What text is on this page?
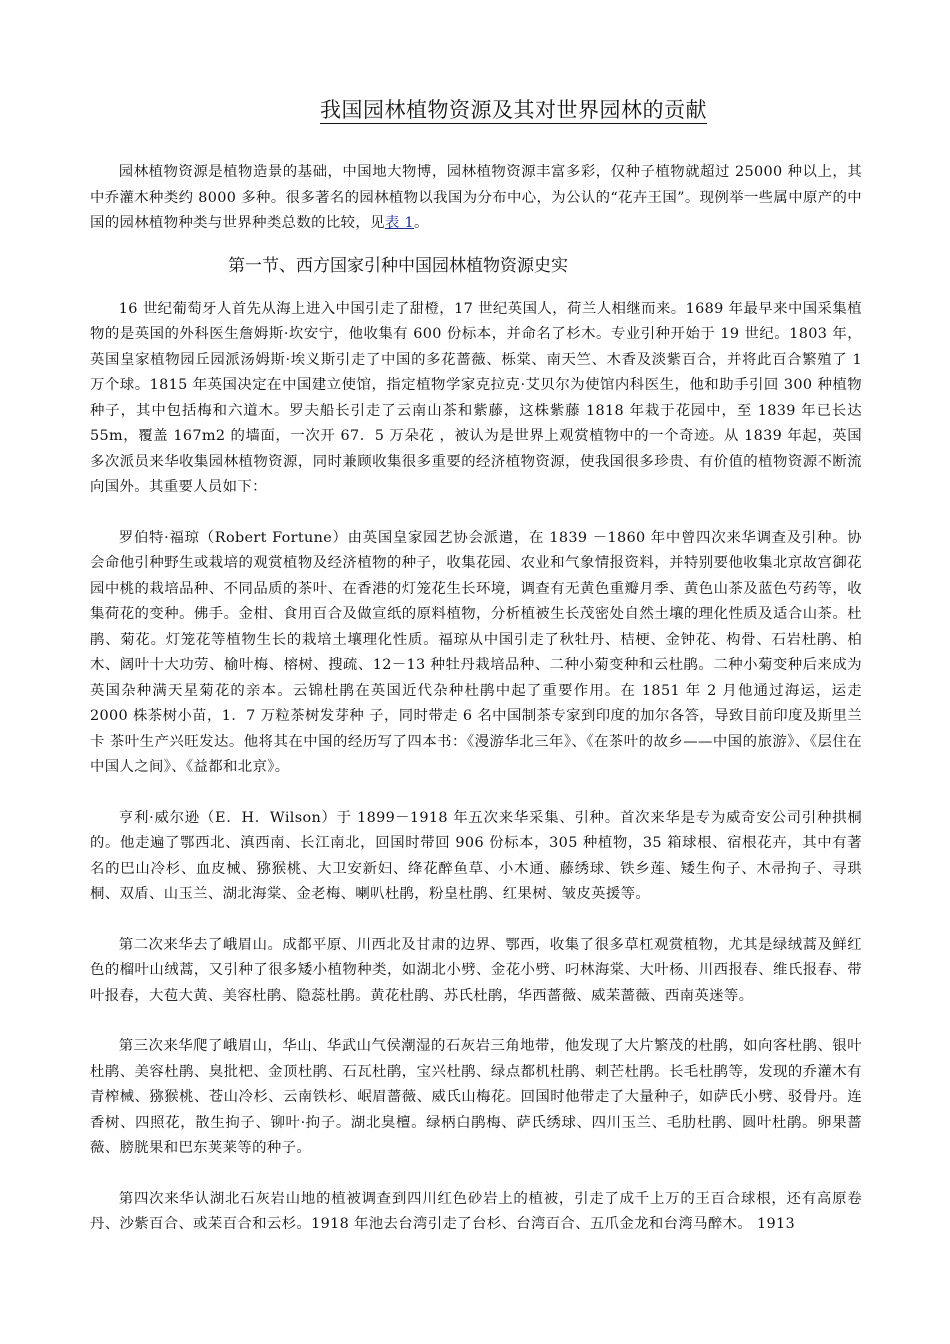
我国园林植物资源及其对世界园林的贡献

园林植物资源是植物造景的基础，中国地大物博，园林植物资源丰富多彩，仅种子植物就超过 25000 种以上，其中乔灌木种类约 8000 多种。很多著名的园林植物以我国为分布中心，为公认的“花卉王国”。现例举一些属中原产的中国的园林植物种类与世界种类总数的比较，见表 1。

第一节、西方国家引种中国园林植物资源史实

16 世纪葡萄牙人首先从海上进入中国引走了甜橙，17 世纪英国人，荷兰人相继而来。1689 年最早来中国采集植物的是英国的外科医生詹姆斯·坎安宁，他收集有 600 份标本，并命名了杉木。专业引种开始于 19 世纪。1803 年，英国皇家植物园丘园派汤姆斯·埃义斯引走了中国的多花蔷薇、栎棠、南天竺、木香及淡紫百合，并将此百合繁殖了 1 万个球。1815 年英国决定在中国建立使馆，指定植物学家克拉克·艾贝尔为使馆内科医生，他和助手引回 300 种植物种子，其中包括梅和六道木。罗夫船长引走了云南山茶和紫藤，这株紫藤 1818 年栽于花园中，至 1839 年已长达 55m，覆盖 167m2 的墙面，一次开 67．5 万朵花 ，被认为是世界上观赏植物中的一个奇迹。从 1839 年起，英国多次派员来华收集园林植物资源，同时兼顾收集很多重要的经济植物资源，使我国很多珍贵、有价值的植物资源不断流向国外。其重要人员如下：

罗伯特·福琼（Robert Fortune）由英国皇家园艺协会派遣，在 1839 －1860 年中曾四次来华调查及引种。协会命他引种野生或栽培的观赏植物及经济植物的种子，收集花园、农业和气象情报资料，并特别要他收集北京故宫御花园中桃的栽培品种、不同品质的茶叶、在香港的灯笼花生长环境，调查有无黄色重瓣月季、黄色山茶及蓝色芍药等，收集荷花的变种。佛手。金柑、食用百合及做宣纸的原料植物，分析植被生长茂密处自然土壤的理化性质及适合山茶。杜鹃、菊花。灯笼花等植物生长的栽培土壤理化性质。福琼从中国引走了秋牡丹、桔梗、金钟花、构骨、石岩杜鹃、柏木、阔叶十大功劳、榆叶梅、榕树、搜疏、12－13 种牡丹栽培品种、二种小菊变种和云杜鹃。二种小菊变种后来成为英国杂种满天星菊花的亲本。云锦杜鹃在英国近代杂种杜鹃中起了重要作用。在 1851 年 2 月他通过海运，运走 2000 株茶树小苗，1．7 万粒茶树发芽种 子，同时带走 6 名中国制茶专家到印度的加尔各答，导致目前印度及斯里兰卡 茶叶生产兴旺发达。他将其在中国的经历写了四本书：《漫游华北三年》、《在茶叶的故乡——中国的旅游》、《层住在中国人之间》、《益都和北京》。

亨利·威尔逊（E．H．Wilson）于 1899－1918 年五次来华采集、引种。首次来华是专为威奇安公司引种拱桐的。他走遍了鄂西北、滇西南、长江南北，回国时带回 906 份标本，305 种植物，35 箱球根、宿根花卉，其中有著名的巴山冷杉、血皮械、猕猴桃、大卫安新妇、绛花醉鱼草、小木通、藤绣球、铁乡莲、矮生佝子、木帚拘子、寻珙桐、双盾、山玉兰、湖北海棠、金老梅、喇叭杜鹃，粉皇杜鹃、红果树、皱皮英援等。

第二次来华去了峨眉山。成都平原、川西北及甘肃的边界、鄂西，收集了很多草杠观赏植物，尤其是绿绒蒿及鲜红色的榴叶山绒蒿，又引种了很多矮小植物种类，如湖北小劈、金花小劈、叼林海棠、大叶杨、川西报春、维氏报春、带叶报春，大苞大黄、美容杜鹃、隐蕊杜鹃。黄花杜鹃、苏氏杜鹃，华西蔷薇、威苿蔷薇、西南英迷等。

第三次来华爬了峨眉山，华山、华武山气侯潮湿的石灰岩三角地带，他发现了大片繁茂的杜鹃，如向客杜鹃、银叶杜鹃、美容杜鹃、臭批杷、金顶杜鹃、石瓦杜鹃，宝兴杜鹃、绿点都机杜鹃、刺芒杜鹃。长毛杜鹃等，发现的乔灌木有青榨械、猕猴桃、苍山冷杉、云南铁杉、岷眉蔷薇、威氏山梅花。回国时他带走了大量种子，如萨氏小劈、驳骨丹。连香树、四照花，散生拘子、铆叶·拘子。湖北臭檀。绿柄白鹃梅、萨氏绣球、四川玉兰、毛肋杜鹃、圆叶杜鹃。卵果蔷薇、膀胱果和巴东荚莱等的种子。

第四次来华认湖北石灰岩山地的植被调查到四川红色砂岩上的植被，引走了成千上万的王百合球根，还有高原卷丹、沙紫百合、或苿百合和云杉。1918 年池去台湾引走了台杉、台湾百合、五爪金龙和台湾马醉木。 1913
